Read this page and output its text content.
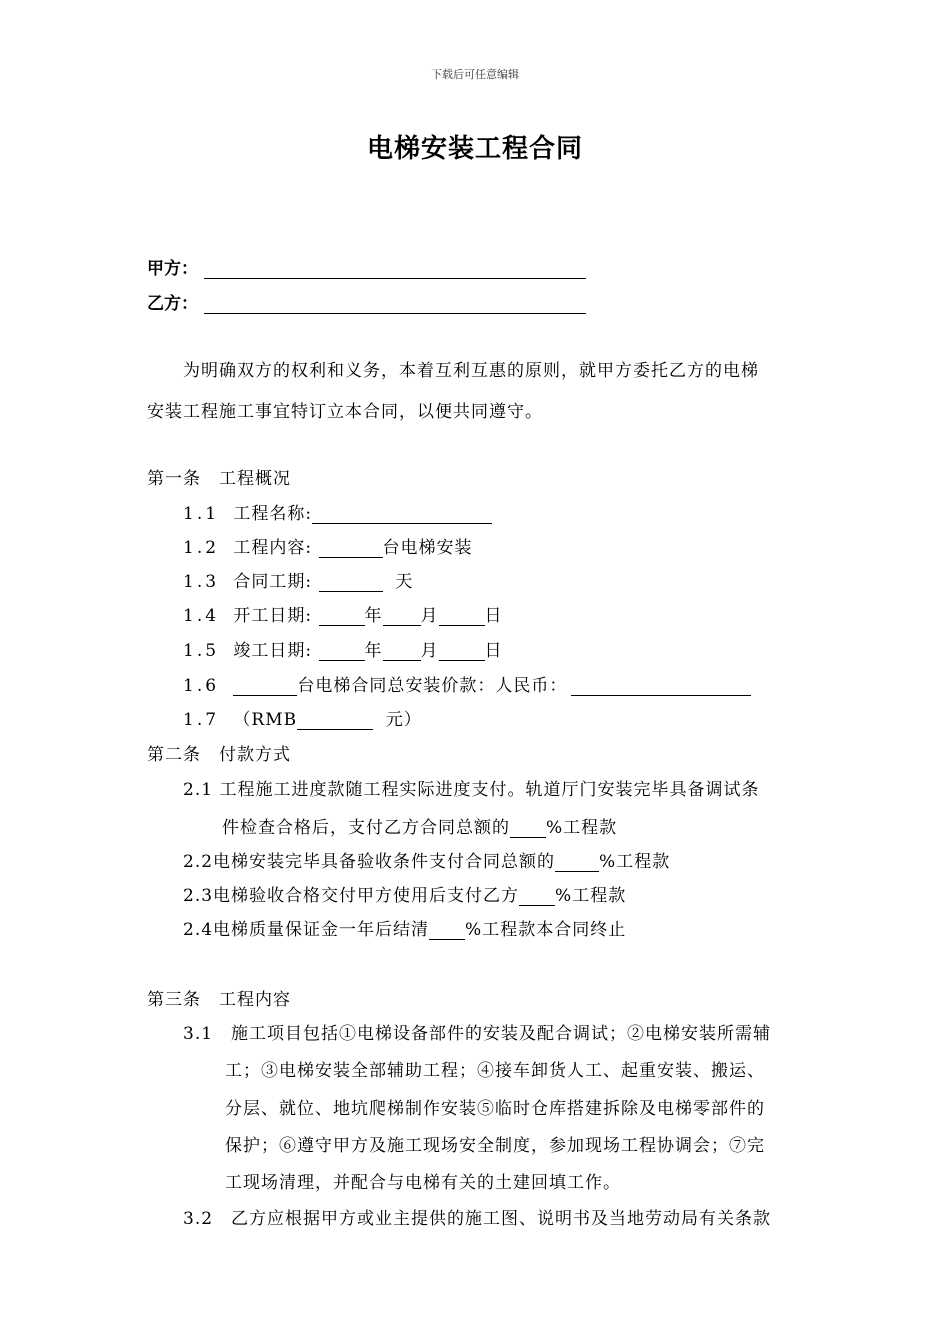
下载后可任意编辑
电梯安装工程合同
甲方：
乙方：
为明确双方的权利和义务，本着互利互惠的原则，就甲方委托乙方的电梯
安装工程施工事宜特订立本合同，以便共同遵守。
第一条　工程概况
1.1 工程名称:
1.2 工程内容:	台电梯安装
1.3 合同工期:	天
1.4 开工日期:	年 月	日
1.5 竣工日期:	年 月	日
1.6	台电梯合同总安装价款：人民币：
1.7 （RMB	元）
第二条　付款方式
2.1 工程施工进度款随工程实际进度支付。轨道厅门安装完毕具备调试条
件检查合格后，支付乙方合同总额的 %工程款
2.2电梯安装完毕具备验收条件支付合同总额的	%工程款
2.3电梯验收合格交付甲方使用后支付乙方 %工程款
2.4电梯质量保证金一年后结清 %工程款本合同终止
第三条　工程内容
3.1　施工项目包括①电梯设备部件的安装及配合调试；②电梯安装所需辅
工；③电梯安装全部辅助工程；④接车卸货人工、起重安装、搬运、
分层、就位、地坑爬梯制作安装⑤临时仓库搭建拆除及电梯零部件的
保护；⑥遵守甲方及施工现场安全制度，参加现场工程协调会；⑦完
工现场清理，并配合与电梯有关的土建回填工作。
3.2　乙方应根据甲方或业主提供的施工图、说明书及当地劳动局有关条款
